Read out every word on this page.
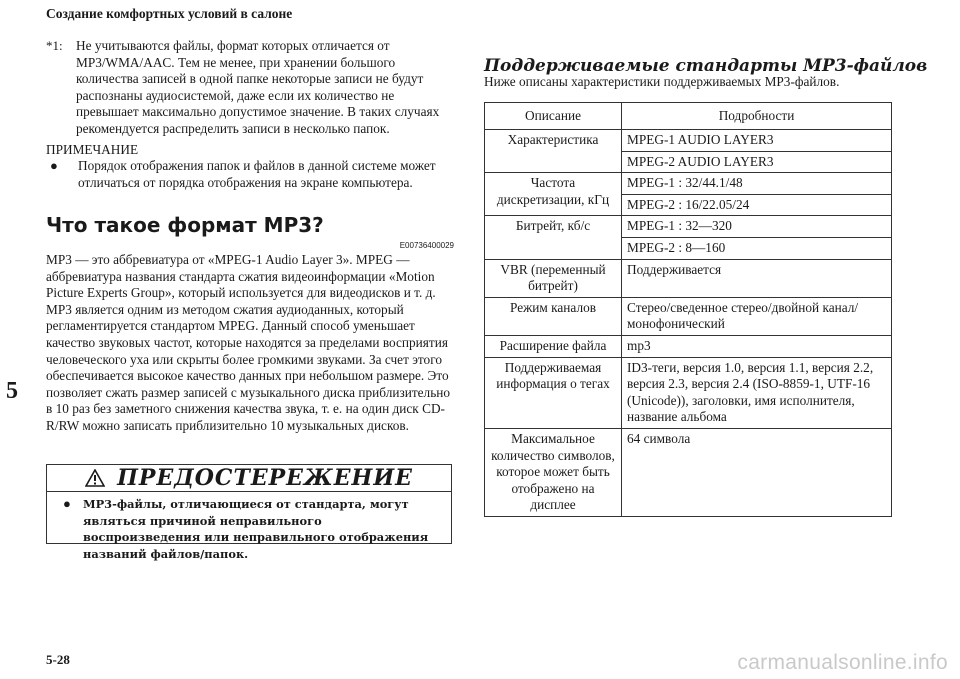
Создание комфортных условий в салоне
5
*1:	Не учитываются файлы, формат которых отличается от MP3/WMA/AAC. Тем не менее, при хранении большого количества записей в одной папке некоторые записи не будут распознаны аудиосистемой, даже если их количество не превышает максимально допустимое значение. В таких случаях рекомендуется распределить записи в несколько папок.

ПРИМЕЧАНИЕ
●	Порядок отображения папок и файлов в данной системе может отличаться от порядка отображения на экране компьютера.

Что такое формат MP3?
E00736400029

MP3 — это аббревиатура от «MPEG-1 Audio Layer 3». MPEG — аббревиатура названия стандарта сжатия видеоинформации «Motion Picture Experts Group», который используется для видеодисков и т. д. MP3 является одним из методом сжатия аудиоданных, который регламентируется стандартом MPEG. Данный способ уменьшает качество звуковых частот, которые находятся за пределами восприятия человеческого уха или скрыты более громкими звуками. За счет этого обеспечивается высокое качество данных при небольшом размере. Это позволяет сжать размер записей с музыкального диска приблизительно в 10 раз без заметного снижения качества звука, т. е. на один диск CD-R/RW можно записать приблизительно 10 музыкальных дисков.

ПРЕДОСТЕРЕЖЕНИЕ
●	MP3-файлы, отличающиеся от стандарта, могут являться причиной неправильного воспроизведения или неправильного отображения названий файлов/папок.
Поддерживаемые стандарты MP3-файлов
Ниже описаны характеристики поддерживаемых MP3-файлов.
Описание	Подробности
Характеристика	MPEG-1 AUDIO LAYER3
	MPEG-2 AUDIO LAYER3
Частота дискретизации, кГц	MPEG-1 : 32/44.1/48
	MPEG-2 : 16/22.05/24
Битрейт, кб/с	MPEG-1 : 32—320
	MPEG-2 : 8—160
VBR (переменный битрейт)	Поддерживается
Режим каналов	Стерео/сведенное стерео/двойной канал/монофонический
Расширение файла	mp3
Поддерживаемая информация о тегах	ID3-теги, версия 1.0, версия 1.1, версия 2.2, версия 2.3, версия 2.4 (ISO-8859-1, UTF-16 (Unicode)), заголовки, имя исполнителя, название альбома
Максимальное количество символов, которое может быть отображено на дисплее	64 символа
5-28	carmanualsonline.info
